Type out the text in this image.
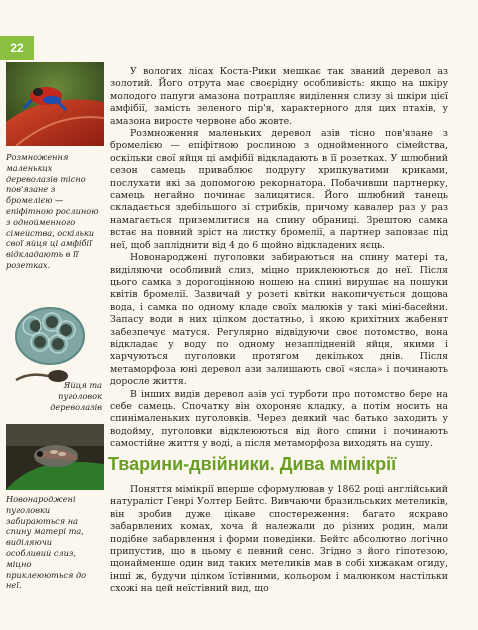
22
Розмноження маленьких дереволазів тісно пов'язане з бромелією — епіфітною рослиною з однойменного сімейства, оскільки свої яйця ці амфібії відкладають в її розетках.
Яйця та пуголовок дереволазів
Новонароджені пуголовки забираються на спину матері та, виділяючи особливий слиз, міцно приклеюються до неї.

У вологих лісах Коста-Рики мешкає так званий деревол аз золотий. Його отрута має своєрідну особливість: якщо на шкіру молодого папуги амазона потрапляє виділення слизу зі шкіри цієї амфібії, замість зеленого пір'я, характерного для цих птахів, у амазона виросте червоне або жовте.

Розмноження маленьких деревол азів тісно пов'язане з бромелією — епіфітною рослиною з однойменного сімейства, оскільки свої яйця ці амфібії відкладають в її розетках. У шлюбний сезон самець приваблює подругу хрипкуватими криками, послухати які за допомогою рекорнатора. Побачивши партнерку, самець негайно починає залицятися. Його шлюбний танець складається здебільшого зі стрибків, причому кавалер раз у раз намагається приземлитися на спину обраниці. Зрештою самка встає на повний зріст на листку бромелії, а партнер заповзає під неї, щоб запліднити від 4 до 6 щойно відкладених яєць.

Новонароджені пуголовки забираються на спину матері та, виділяючи особливий слиз, міцно приклеюються до неї. Після цього самка з дорогоцінною ношею на спині вирушає на пошуки квітів бромелії. Зазвичай у розеті квітки накопичується дощова вода, і самка по одному кладе своїх малюків у такі міні-басейни. Запасу води в них цілком достатньо, і якою крихітних жабенят забезпечує матуся. Регулярно відвідуючи своє потомство, вона відкладає у воду по одному незаплідненій яйця, якими і харчуються пуголовки протягом декількох днів. Після метаморфоза юні деревол ази залишають свої «ясла» і починають доросле життя.

В інших видів деревол азів усі турботи про потомство бере на себе самець. Спочатку він охороняє кладку, а потім носить на спинімаленьких пуголовків. Через деякий час батько заходить у водойму, пуголовки відклеюються від його спини і починають самостійне життя у воді, а після метаморфоза виходять на сушу.

Тварини-двійники. Дива мімікрії

Поняття мімікрії вперше сформулював у 1862 році англійський натураліст Генрі Уолтер Бейтс. Вивчаючи бразильських метеликів, він зробив дуже цікаве спостереження: багато яскраво забарвлених комах, хоча й належали до різних родин, мали подібне забарвлення і форми поведінки. Бейтс абсолютно логічно припустив, що в цьому є певний сенс. Згідно з його гіпотезою, щонаймeнше один вид таких метеликів мав в собі хижакам огиду, інші ж, будучи цілком їстівними, кольором і малюнком настільки схожі на цей неїстівний вид, що
